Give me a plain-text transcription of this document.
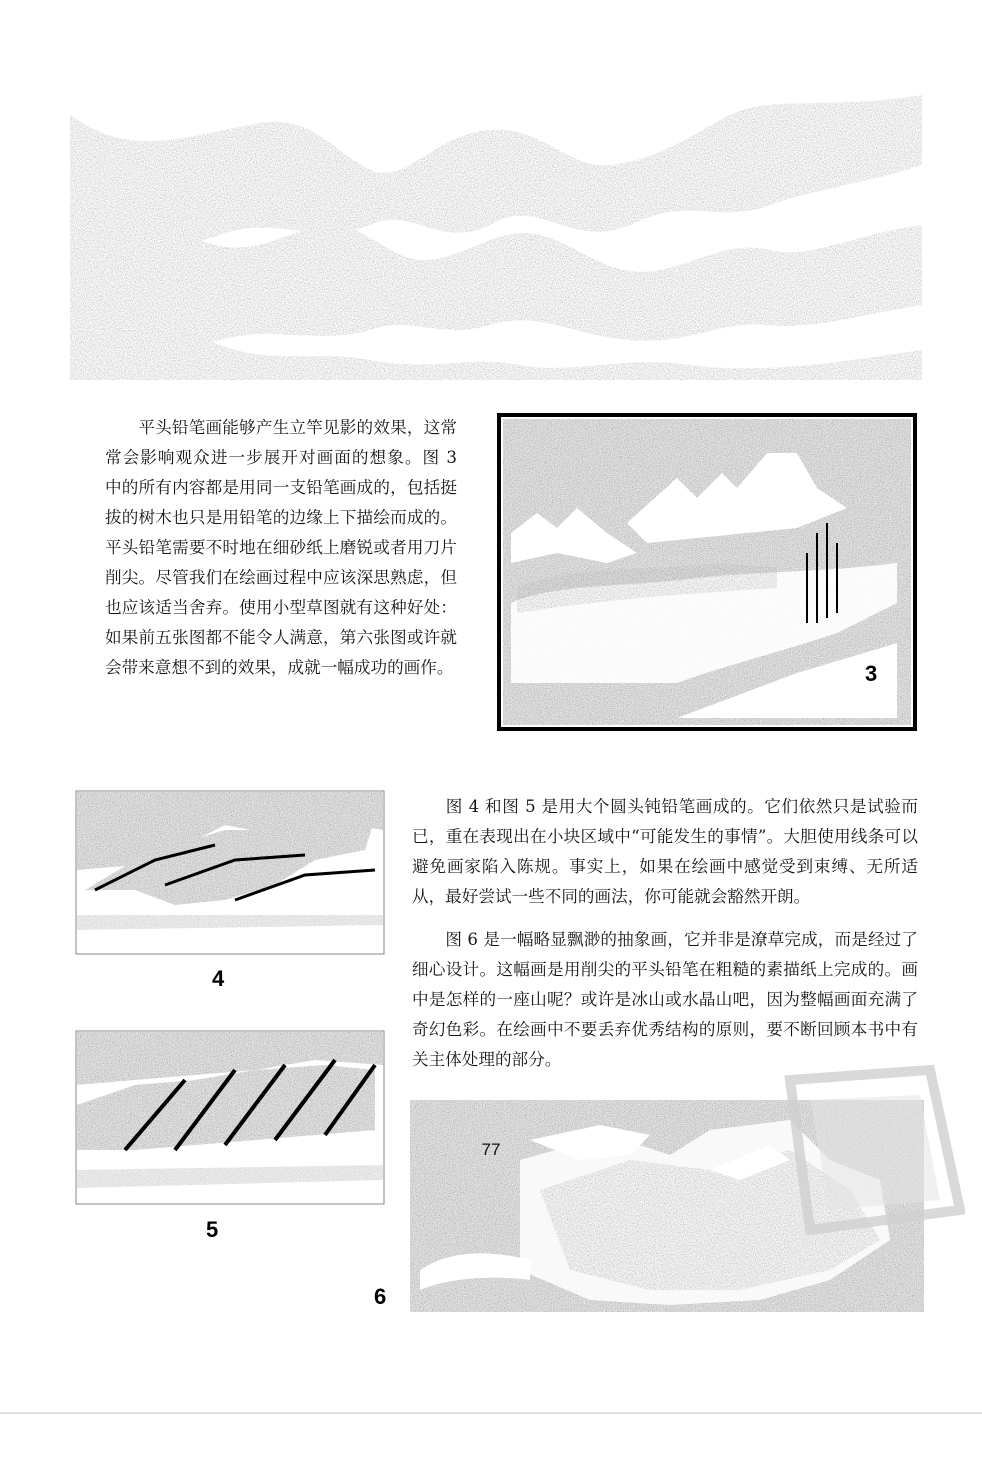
平头铅笔画能够产生立竿见影的效果，这常常会影响观众进一步展开对画面的想象。图 3 中的所有内容都是用同一支铅笔画成的，包括挺拔的树木也只是用铅笔的边缘上下描绘而成的。平头铅笔需要不时地在细砂纸上磨锐或者用刀片削尖。尽管我们在绘画过程中应该深思熟虑，但也应该适当舍弃。使用小型草图就有这种好处：如果前五张图都不能令人满意，第六张图或许就会带来意想不到的效果，成就一幅成功的画作。	3
4

图 4 和图 5 是用大个圆头钝铅笔画成的。它们依然只是试验而已，重在表现出在小块区域中“可能发生的事情”。大胆使用线条可以避免画家陷入陈规。事实上，如果在绘画中感觉受到束缚、无所适从，最好尝试一些不同的画法，你可能就会豁然开朗。

图 6 是一幅略显飘渺的抽象画，它并非是潦草完成，而是经过了细心设计。这幅画是用削尖的平头铅笔在粗糙的素描纸上完成的。画中是怎样的一座山呢？或许是冰山或水晶山吧，因为整幅画面充满了奇幻色彩。在绘画中不要丢弃优秀结构的原则，要不断回顾本书中有关主体处理的部分。

5
6
77
